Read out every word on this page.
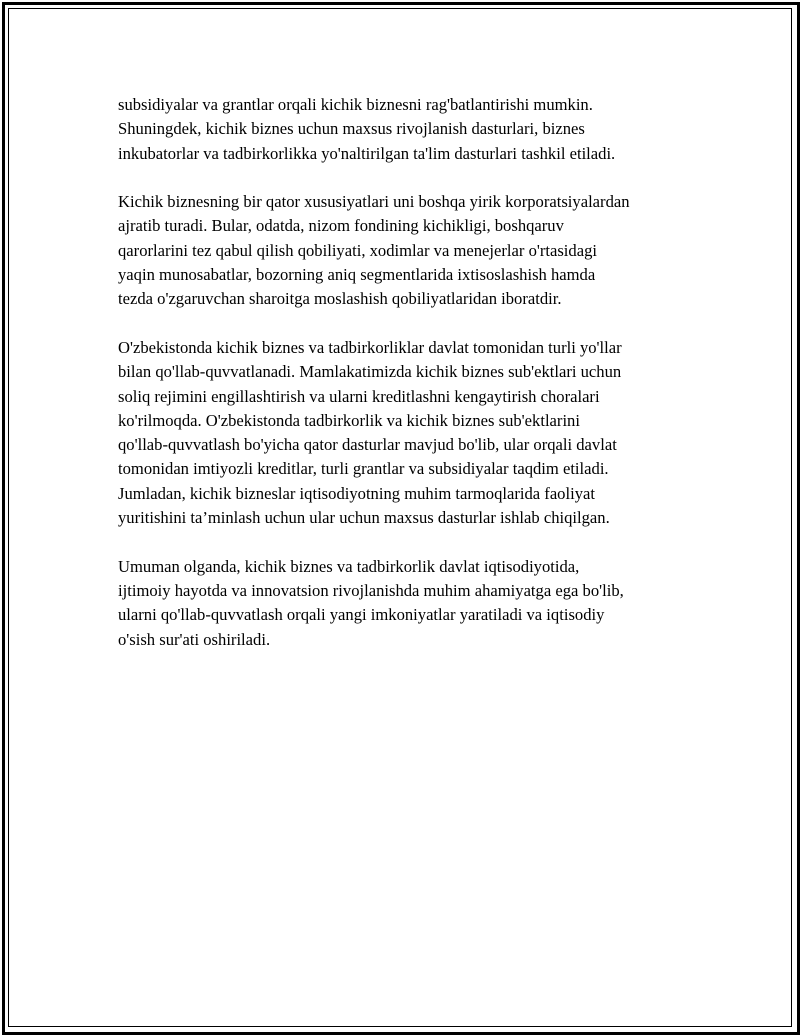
subsidiyalar va grantlar orqali kichik biznesni rag'batlantirishi mumkin.
Shuningdek, kichik biznes uchun maxsus rivojlanish dasturlari, biznes
inkubatorlar va tadbirkorlikka yo'naltirilgan ta'lim dasturlari tashkil etiladi.

Kichik biznesning bir qator xususiyatlari uni boshqa yirik korporatsiyalardan
ajratib turadi. Bular, odatda, nizom fondining kichikligi, boshqaruv
qarorlarini tez qabul qilish qobiliyati, xodimlar va menejerlar o'rtasidagi
yaqin munosabatlar, bozorning aniq segmentlarida ixtisoslashish hamda
tezda o'zgaruvchan sharoitga moslashish qobiliyatlaridan iboratdir.

O'zbekistonda kichik biznes va tadbirkorliklar davlat tomonidan turli yo'llar
bilan qo'llab-quvvatlanadi. Mamlakatimizda kichik biznes sub'ektlari uchun
soliq rejimini engillashtirish va ularni kreditlashni kengaytirish choralari
ko'rilmoqda. O'zbekistonda tadbirkorlik va kichik biznes sub'ektlarini
qo'llab-quvvatlash bo'yicha qator dasturlar mavjud bo'lib, ular orqali davlat
tomonidan imtiyozli kreditlar, turli grantlar va subsidiyalar taqdim etiladi.
Jumladan, kichik bizneslar iqtisodiyotning muhim tarmoqlarida faoliyat
yuritishini ta’minlash uchun ular uchun maxsus dasturlar ishlab chiqilgan.

Umuman olganda, kichik biznes va tadbirkorlik davlat iqtisodiyotida,
ijtimoiy hayotda va innovatsion rivojlanishda muhim ahamiyatga ega bo'lib,
ularni qo'llab-quvvatlash orqali yangi imkoniyatlar yaratiladi va iqtisodiy
o'sish sur'ati oshiriladi.
